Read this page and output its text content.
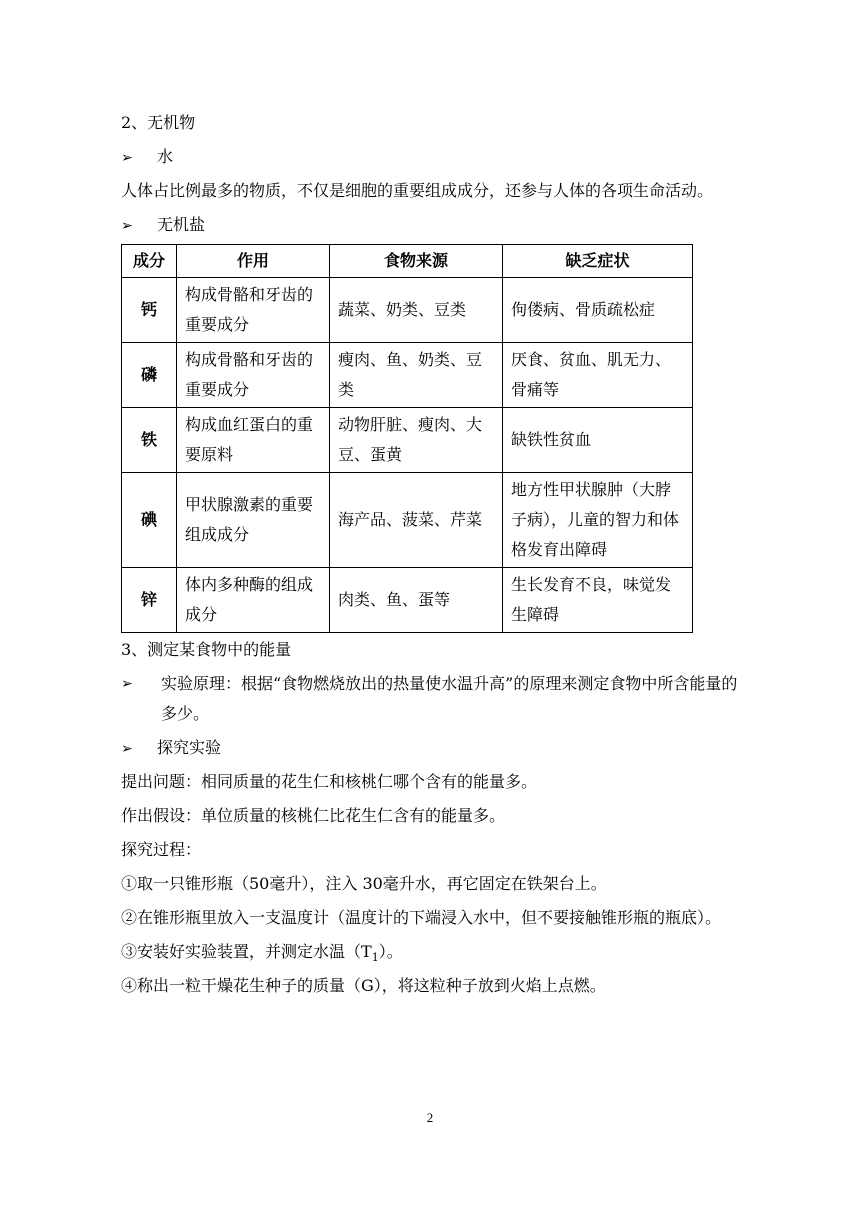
2、无机物
➢ 水
人体占比例最多的物质，不仅是细胞的重要组成成分，还参与人体的各项生命活动。
➢ 无机盐
成分	作用	食物来源	缺乏症状
钙	构成骨骼和牙齿的重要成分	蔬菜、奶类、豆类	佝偻病、骨质疏松症
磷	构成骨骼和牙齿的重要成分	瘦肉、鱼、奶类、豆类	厌食、贫血、肌无力、骨痛等
铁	构成血红蛋白的重要原料	动物肝脏、瘦肉、大豆、蛋黄	缺铁性贫血
碘	甲状腺激素的重要组成成分	海产品、菠菜、芹菜	地方性甲状腺肿（大脖子病），儿童的智力和体格发育出障碍
锌	体内多种酶的组成成分	肉类、鱼、蛋等	生长发育不良，味觉发生障碍
3、测定某食物中的能量
➢	实验原理：根据“食物燃烧放出的热量使水温升高”的原理来测定食物中所含能量的多少。
➢ 探究实验
提出问题：相同质量的花生仁和核桃仁哪个含有的能量多。
作出假设：单位质量的核桃仁比花生仁含有的能量多。
探究过程：
①取一只锥形瓶（50毫升），注入 30毫升水，再它固定在铁架台上。
②在锥形瓶里放入一支温度计（温度计的下端浸入水中，但不要接触锥形瓶的瓶底）。
③安装好实验装置，并测定水温$(T_1)$。
④称出一粒干燥花生种子的质量（G），将这粒种子放到火焰上点燃。
2
